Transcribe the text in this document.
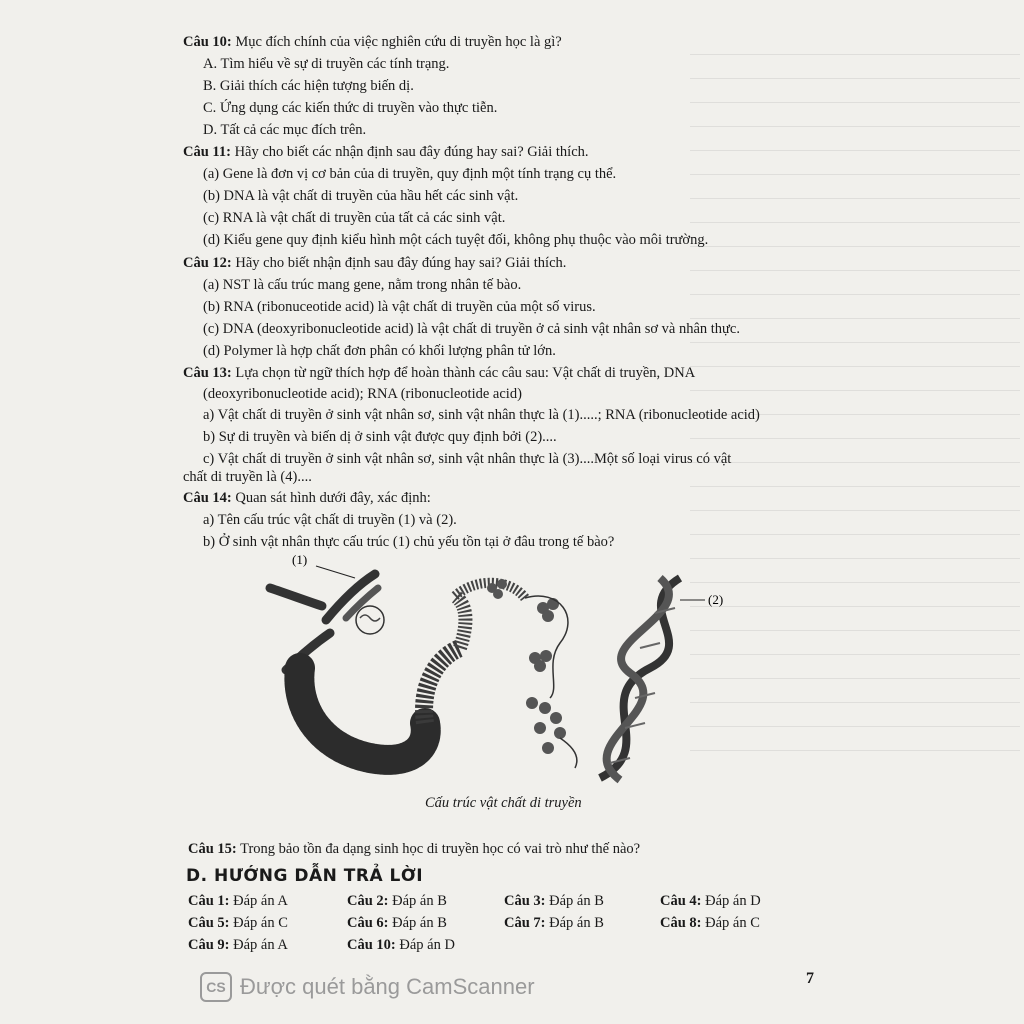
Câu 10: Mục đích chính của việc nghiên cứu di truyền học là gì?
A. Tìm hiểu về sự di truyền các tính trạng.
B. Giải thích các hiện tượng biến dị.
C. Ứng dụng các kiến thức di truyền vào thực tiễn.
D. Tất cả các mục đích trên.
Câu 11: Hãy cho biết các nhận định sau đây đúng hay sai? Giải thích.
(a) Gene là đơn vị cơ bản của di truyền, quy định một tính trạng cụ thể.
(b) DNA là vật chất di truyền của hầu hết các sinh vật.
(c) RNA là vật chất di truyền của tất cả các sinh vật.
(d) Kiểu gene quy định kiểu hình một cách tuyệt đối, không phụ thuộc vào môi trường.
Câu 12: Hãy cho biết nhận định sau đây đúng hay sai? Giải thích.
(a) NST là cấu trúc mang gene, nằm trong nhân tế bào.
(b) RNA (ribonuceotide acid) là vật chất di truyền của một số virus.
(c) DNA (deoxyribonucleotide acid) là vật chất di truyền ở cả sinh vật nhân sơ và nhân thực.
(d) Polymer là hợp chất đơn phân có khối lượng phân tử lớn.
Câu 13: Lựa chọn từ ngữ thích hợp để hoàn thành các câu sau: Vật chất di truyền, DNA
(deoxyribonucleotide acid); RNA (ribonucleotide acid)
a) Vật chất di truyền ở sinh vật nhân sơ, sinh vật nhân thực là (1).....; RNA (ribonucleotide acid)
b) Sự di truyền và biến dị ở sinh vật được quy định bởi (2)....
c) Vật chất di truyền ở sinh vật nhân sơ, sinh vật nhân thực là (3)....Một số loại virus có vật
chất di truyền là (4)....
Câu 14: Quan sát hình dưới đây, xác định:
a) Tên cấu trúc vật chất di truyền (1) và (2).
b) Ở sinh vật nhân thực cấu trúc (1) chủ yếu tồn tại ở đâu trong tế bào?
(1)
(2)
Cấu trúc vật chất di truyền
Câu 15: Trong bảo tồn đa dạng sinh học di truyền học có vai trò như thế nào?
D. HƯỚNG DẪN TRẢ LỜI
Câu 1: Đáp án A	Câu 2: Đáp án B	Câu 3: Đáp án B	Câu 4: Đáp án D
Câu 5: Đáp án C	Câu 6: Đáp án B	Câu 7: Đáp án B	Câu 8: Đáp án C
Câu 9: Đáp án A	Câu 10: Đáp án D
CS Được quét bằng CamScanner	7
